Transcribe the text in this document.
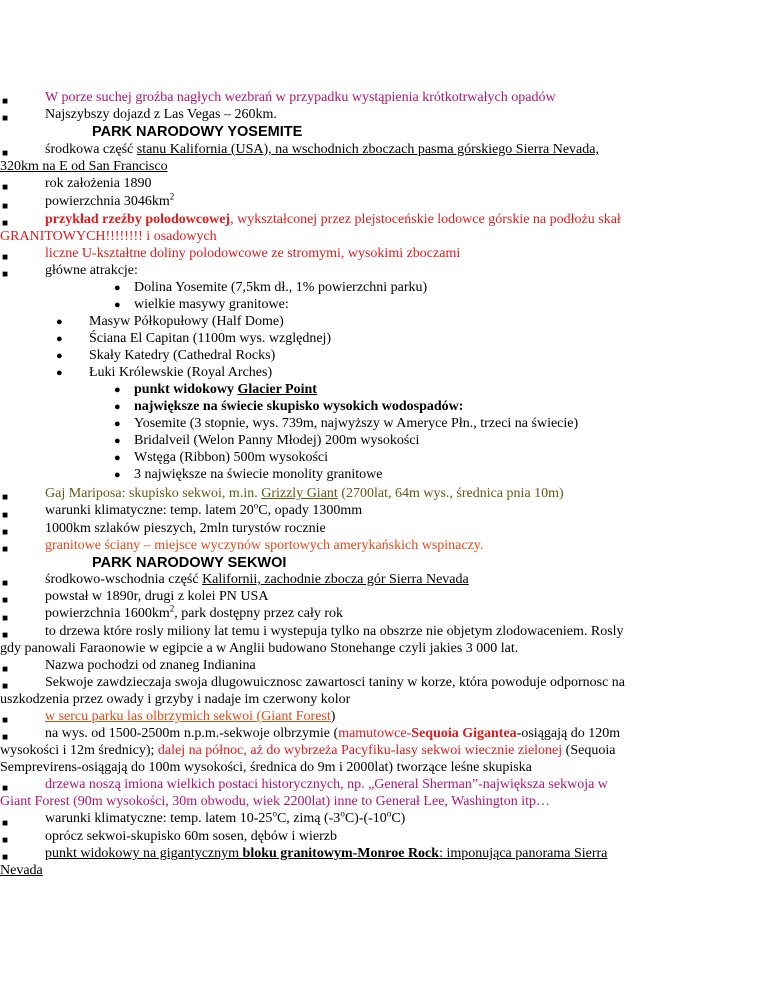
■	W porze suchej groźba nagłych wezbrań w przypadku wystąpienia krótkotrwałych opadów
■	Najszybszy dojazd z Las Vegas – 260km.
PARK NARODOWY YOSEMITE
■	środkowa część stanu Kalifornia (USA), na wschodnich zboczach pasma górskiego Sierra Nevada,
320km na E od San Francisco
■	rok założenia 1890
■	powierzchnia $3046km^2$
■	przykład rzeźby polodowcowej, wykształconej przez plejstoceńskie lodowce górskie na podłożu skał
GRANITOWYCH!!!!!!!! i osadowych
■	liczne U-kształtne doliny polodowcowe ze stromymi, wysokimi zboczami
■	główne atrakcje:
● Dolina Yosemite (7,5km dł., 1% powierzchni parku)
● wielkie masywy granitowe:
● Masyw Półkopułowy (Half Dome)
● Ściana El Capitan (1100m wys. względnej)
● Skały Katedry (Cathedral Rocks)
● Łuki Królewskie (Royal Arches)
● punkt widokowy Glacier Point
● największe na świecie skupisko wysokich wodospadów:
● Yosemite (3 stopnie, wys. 739m, najwyższy w Ameryce Płn., trzeci na świecie)
● Bridalveil (Welon Panny Młodej) 200m wysokości
● Wstęga (Ribbon) 500m wysokości
● 3 największe na świecie monolity granitowe
■	Gaj Mariposa: skupisko sekwoi, m.in. Grizzly Giant (2700lat, 64m wys., średnica pnia 10m)
■	warunki klimatyczne: temp. latem 20$^o$C, opady 1300mm
■	1000km szlaków pieszych, 2mln turystów rocznie
■	granitowe ściany – miejsce wyczynów sportowych amerykańskich wspinaczy.
PARK NARODOWY SEKWOI
■	środkowo-wschodnia część Kalifornii, zachodnie zbocza gór Sierra Nevada
■	powstał w 1890r, drugi z kolei PN USA
■	powierzchnia $1600km^2$, park dostępny przez cały rok
■	to drzewa które rosly miliony lat temu i wystepuja tylko na obszrze nie objetym zlodowaceniem. Rosly
gdy panowali Faraonowie w egipcie a w Anglii budowano Stonehange czyli jakies 3 000 lat.
■	Nazwa pochodzi od znaneg Indianina
■	Sekwoje zawdzieczaja swoja dlugowuicznosc zawartosci taniny w korze, która powoduje odpornosc na
uszkodzenia przez owady i grzyby i nadaje im czerwony kolor
■	w sercu parku las olbrzymich sekwoi (Giant Forest)
■	na wys. od 1500-2500m n.p.m.-sekwoje olbrzymie (mamutowce-Sequoia Gigantea-osiągają do 120m
wysokości i 12m średnicy); dalej na północ, aż do wybrzeża Pacyfiku-lasy sekwoi wiecznie zielonej (Sequoia
Semprevirens-osiągają do 100m wysokości, średnica do 9m i 2000lat) tworzące leśne skupiska
■	drzewa noszą imiona wielkich postaci historycznych, np. „General Sherman”-największa sekwoja w
Giant Forest (90m wysokości, 30m obwodu, wiek 2200lat) inne to Generał Lee, Washington itp…
■	warunki klimatyczne: temp. latem 10-25$^o$C, zimą (-3$^o$C)-(-10$^o$C)
■	oprócz sekwoi-skupisko 60m sosen, dębów i wierzb
■	punkt widokowy na gigantycznym bloku granitowym-Monroe Rock: imponująca panorama Sierra
Nevada
